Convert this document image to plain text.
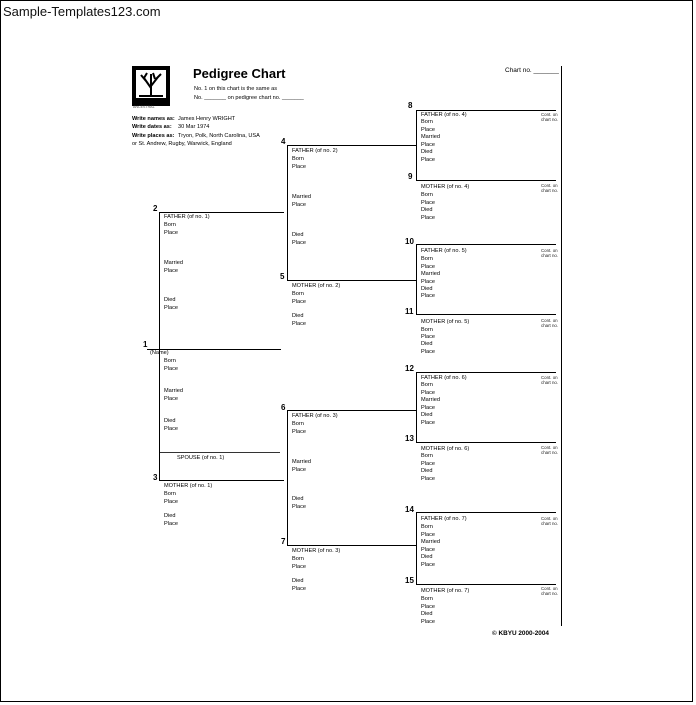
Sample-Templates123.com
ANCESTRAL
Pedigree Chart	Chart no. _______
No. 1 on this chart is the same as
No. _______ on pedigree chart no. _______
Write names as: James Henry WRIGHT
Write dates as: 30 Mar 1974
Write places as: Tryon, Polk, North Carolina, USA
or St. Andrew, Rugby, Warwick, England
1
(Name)
Born
Place
Married
Place
Died
Place
SPOUSE (of no. 1)
2
3
FATHER (of no. 1)
Born
Place
Married
Place
Died
Place
MOTHER (of no. 1)
Born
Place
Died
Place
4
5
FATHER (of no. 2)
Born
Place
Married
Place
Died
Place
MOTHER (of no. 2)
Born
Place
Died
Place
6
7
FATHER (of no. 3)
Born
Place
Married
Place
Died
Place
MOTHER (of no. 3)
Born
Place
Died
Place
8
9
FATHER (of no. 4)
Born
Place
Married
Place
Died
Place
Cont. on chart no.
MOTHER (of no. 4)
Born
Place
Died
Place
Cont. on chart no.
10
11
FATHER (of no. 5)
Born
Place
Married
Place
Died
Place
Cont. on chart no.
MOTHER (of no. 5)
Born
Place
Died
Place
Cont. on chart no.
12
13
FATHER (of no. 6)
Born
Place
Married
Place
Died
Place
Cont. on chart no.
MOTHER (of no. 6)
Born
Place
Died
Place
Cont. on chart no.
14
15
FATHER (of no. 7)
Born
Place
Married
Place
Died
Place
Cont. on chart no.
MOTHER (of no. 7)
Born
Place
Died
Place
Cont. on chart no.
© KBYU 2000-2004
